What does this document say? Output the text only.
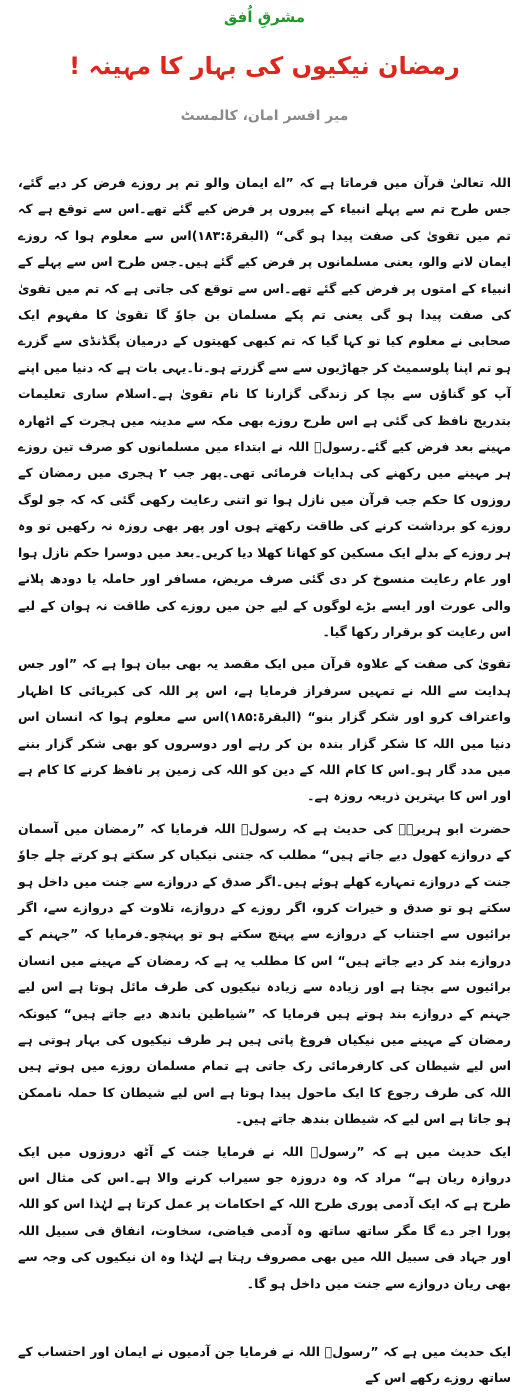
مشرقِ اُفق
رمضان نیکیوں کی بہار کا مہینہ !
میر افسر امان، کالمسٹ

اللہ تعالیٰ قرآن میں فرماتا ہے کہ ”اے ایمان والو تم پر روزے فرض کر دیے گئے، جس طرح تم سے پہلے انبیاء کے پیروں پر فرض کیے گئے تھے۔اس سے توقع ہے کہ تم میں تقویٰ کی صفت پیدا ہو گی“ (البقرۃ:۱۸۳)اس سے معلوم ہوا کہ روزے ایمان لانے والو، یعنی مسلمانوں پر فرض کیے گئے ہیں۔جس طرح اس سے پہلے کے انبیاء کے امتوں پر فرض کیے گئے تھے۔اس سے توقع کی جاتی ہے کہ تم میں تقویٰ کی صفت پیدا ہو گی یعنی تم پکے مسلمان بن جاوٗ گا تقویٰ کا مفہوم ایک صحابی نے معلوم کیا تو کہا گیا کہ تم کبھی کھیتوں کے درمیان پگڈنڈی سے گزرے ہو تم اپنا پلوسمیٹ کر جھاڑیوں سے سے گزرتے ہو۔نا۔یہی بات ہے کہ دنیا میں اپنے آپ کو گناؤں سے بچا کر زندگی گزارنا کا نام تقویٰ ہے۔اسلام ساری تعلیمات بتدریج نافظ کی گئی ہے اس طرح روزے بھی مکہ سے مدینہ میں ہجرت کے اٹھارہ مہینے بعد فرض کیے گئے۔رسولؐ اللہ نے ابتداء میں مسلمانوں کو صرف تین روزے ہر مہینے میں رکھنے کی ہدایات فرمائی تھی۔پھر جب ۲ ہجری میں رمضان کے روزوں کا حکم جب قرآن میں نازل ہوا تو اتنی رعایت رکھی گئی کہ کہ جو لوگ روزے کو برداشت کرنے کی طاقت رکھتے ہوں اور پھر بھی روزہ نہ رکھیں تو وہ ہر روزے کے بدلے ایک مسکین کو کھانا کھلا دیا کریں۔بعد میں دوسرا حکم نازل ہوا اور عام رعایت منسوخ کر دی گئی صرف مریض، مسافر اور حاملہ یا دودھ پلانے والی عورت اور ایسے بڑے لوگوں کے لیے جن میں روزے کی طاقت نہ ہوان کے لیے اس رعایت کو برقرار رکھا گیا۔

تقویٰ کی صفت کے علاوہ قرآن میں ایک مقصد یہ بھی بیان ہوا ہے کہ ”اور جس ہدایت سے اللہ نے تمہیں سرفراز فرمایا ہے، اس پر اللہ کی کبریائی کا اظہار واعتراف کرو اور شکر گزار بنو“ (البقرۃ:۱۸۵)اس سے معلوم ہوا کہ انسان اس دنیا میں اللہ کا شکر گزار بندہ بن کر رہے اور دوسروں کو بھی شکر گزار بننے میں مدد گار ہو۔اس کا کام اللہ کے دین کو اللہ کی زمین پر نافظ کرنے کا کام ہے اور اس کا بہترین ذریعہ روزہ ہے۔

حضرت ابو ہریرہؓ کی حدیث ہے کہ رسولؐ اللہ فرمایا کہ ”رمضان میں آسمان کے دروازے کھول دیے جاتے ہیں“ مطلب کہ جتنی نیکیاں کر سکتے ہو کرتے چلے جاوٗ جنت کے دروازے تمہارے کھلے ہوئے ہیں۔اگر صدق کے دروازے سے جنت میں داخل ہو سکتے ہو تو صدق و خیرات کرو، اگر روزے کے دروازے، تلاوت کے دروازے سے، اگر برائیوں سے اجتناب کے دروازے سے پہنچ سکتے ہو تو پہنچو۔فرمایا کہ ”جہنم کے دروازے بند کر دیے جاتے ہیں“ اس کا مطلب یہ ہے کہ رمضان کے مہینے میں انسان برائیوں سے بچتا ہے اور زیادہ سے زیادہ نیکیوں کی طرف مائل ہوتا ہے اس لیے جہنم کے دروازے بند ہوتے ہیں فرمایا کہ ”شیاطین باندھ دیے جاتے ہیں“ کیونکہ رمضان کے مہینے میں نیکیاں فروغ پاتی ہیں ہر طرف نیکیوں کی بہار ہوتی ہے اس لیے شیطان کی کارفرمائی رک جاتی ہے تمام مسلمان روزے میں ہوتے ہیں اللہ کی طرف رجوع کا ایک ماحول پیدا ہوتا ہے اس لیے شیطان کا حملہ ناممکن ہو جاتا ہے اس لیے کہ شیطان بندھ جاتے ہیں۔

ایک حدیث میں ہے کہ ”رسولؐ اللہ نے فرمایا جنت کے آٹھ دروزوں میں ایک دروازہ ریان ہے“ مراد کہ وہ دروزہ جو سیراب کرنے والا ہے۔اس کی مثال اس طرح ہے کہ ایک آدمی پوری طرح اللہ کے احکامات پر عمل کرتا ہے لہٰذا اس کو اللہ پورا اجر دے گا مگر ساتھ ساتھ وہ آدمی فیاضی، سخاوت، انفاق فی سبیل اللہ اور جہاد فی سبیل اللہ میں بھی مصروف رہتا ہے لہٰذا وہ ان نیکیوں کی وجہ سے بھی ریان دروازے سے جنت میں داخل ہو گا۔

ایک حدیث میں ہے کہ ”رسولؐ اللہ نے فرمایا جن آدمیوں نے ایمان اور احتساب کے ساتھ روزے رکھے اس کے
